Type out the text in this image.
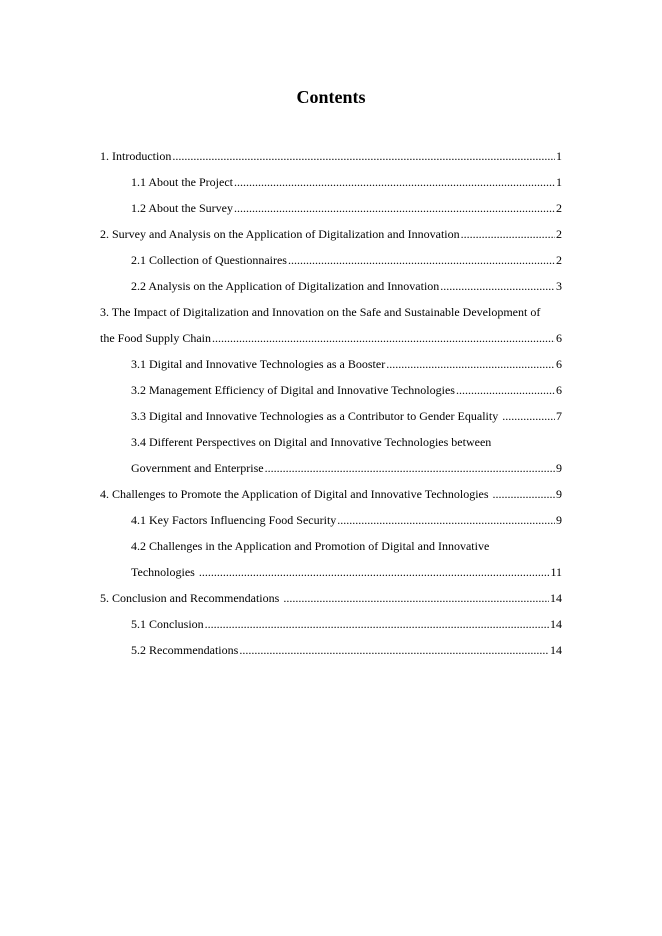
Contents
1. Introduction .....	1
1.1 About the Project .....	1
1.2 About the Survey .....	2
2. Survey and Analysis on the Application of Digitalization and Innovation .....	2
2.1 Collection of Questionnaires .....	2
2.2 Analysis on the Application of Digitalization and Innovation .....	3
3. The Impact of Digitalization and Innovation on the Safe and Sustainable Development of
the Food Supply Chain .....	6
3.1 Digital and Innovative Technologies as a Booster .....	6
3.2 Management Efficiency of Digital and Innovative Technologies .....	6
3.3 Digital and Innovative Technologies as a Contributor to Gender Equality .....	7
3.4 Different Perspectives on Digital and Innovative Technologies between
Government and Enterprise .....	9
4. Challenges to Promote the Application of Digital and Innovative Technologies .....	9
4.1 Key Factors Influencing Food Security .....	9
4.2 Challenges in the Application and Promotion of Digital and Innovative
Technologies .....	11
5. Conclusion and Recommendations .....	14
5.1 Conclusion .....	14
5.2 Recommendations .....	14
